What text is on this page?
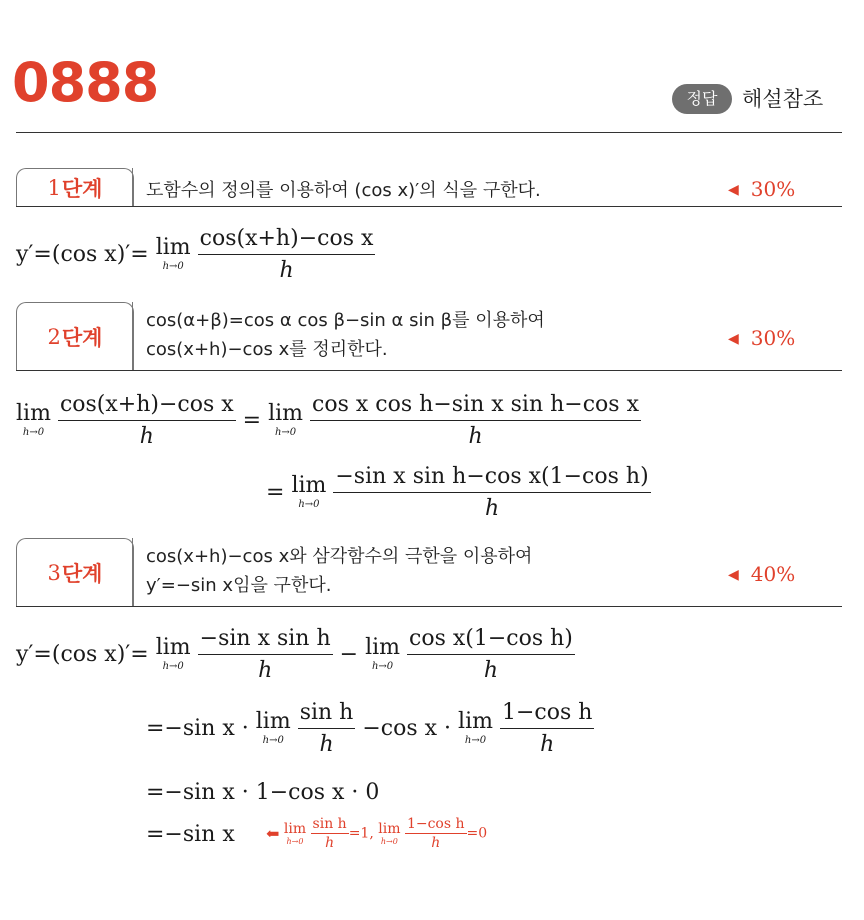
0888	정답	해설참조
1 단계 도함수의 정의를 이용하여 (cos x)′의 식을 구한다.	◀ 30%
y′=(cos x)′= lim
h→0
$\frac{\text{cos(x+h)−cos x}}{h}$
2 단계
cos(α+β)=cos α cos β−sin α sin β를 이용하여
cos(x+h)−cos x를 정리한다.	◀ 30%
lim
h→0
$\frac{\text{cos(x+h)−cos x}}{h} = \lim$
h→0
$\frac{\text{cos x cos h−sin x sin h−cos x}}{h}$
= lim
h→0
$\frac{\text{−sin x sin h−cos x(1−cos h)}}{h}$
3 단계
cos(x+h)−cos x와 삼각함수의 극한을 이용하여
y′=−sin x임을 구한다.	◀ 40%
y′=(cos x)′= lim
h→0
$\frac{\text{−sin x sin h}}{h} - \lim$
h→0
$\frac{\text{cos x(1−cos h)}}{h}$
=−sin x · lim
h→0
$\frac{\text{sin h}}{h} -\cos$ x · lim
h→0
$\frac{\text{1−cos h}}{h}$
=−sin x · 1−cos x · 0
=−sin x ⬅ lim
h→0
$\frac{\text{sin h}}{h} =1$, lim
h→0
$\frac{\text{1−cos h}}{h} =0$
